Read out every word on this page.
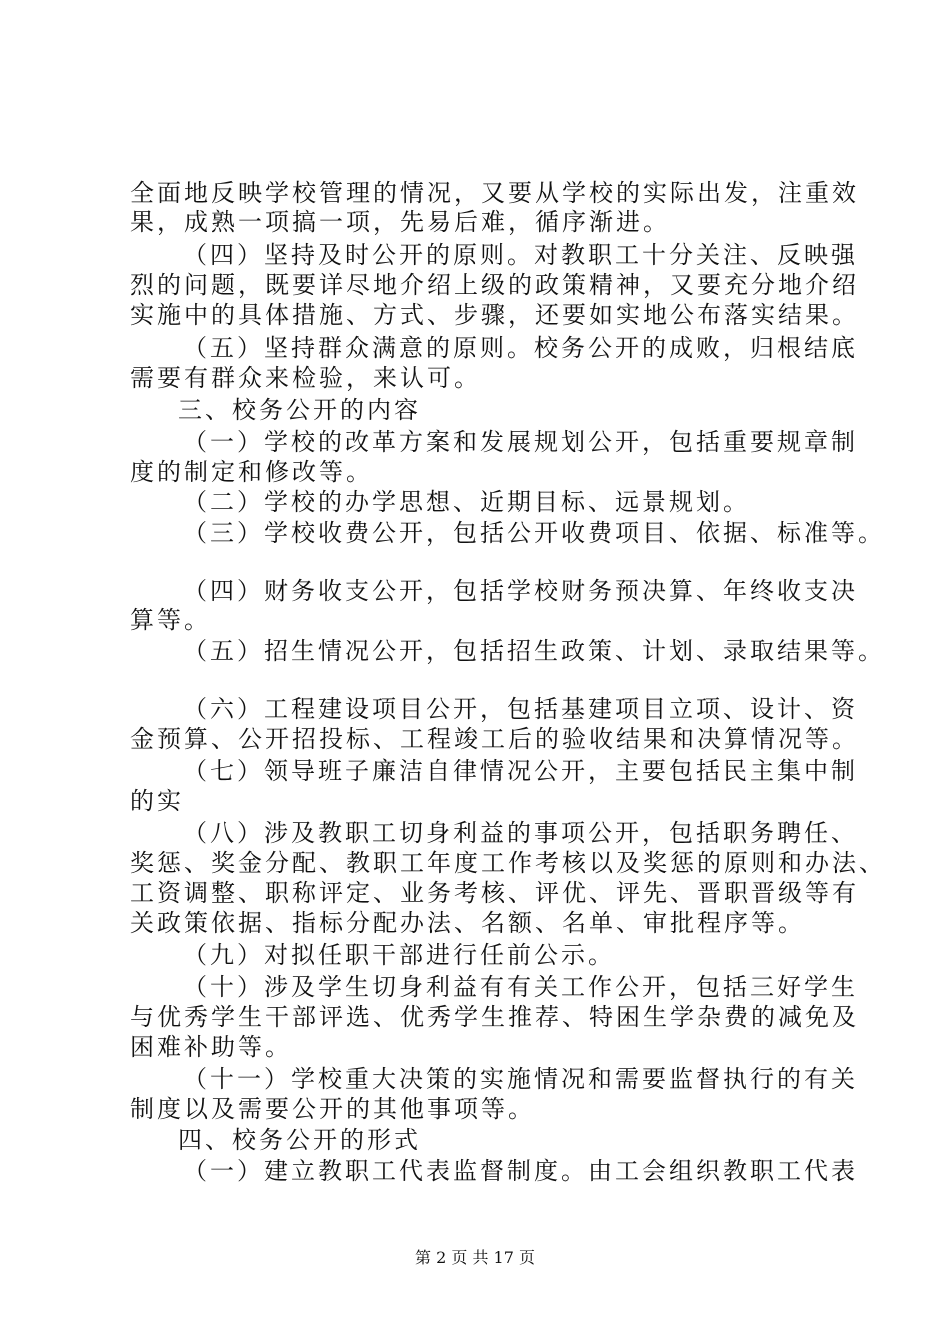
全面地反映学校管理的情况，又要从学校的实际出发，注重效
果，成熟一项搞一项，先易后难，循序渐进。
（四）坚持及时公开的原则。对教职工十分关注、反映强
烈的问题，既要详尽地介绍上级的政策精神，又要充分地介绍
实施中的具体措施、方式、步骤，还要如实地公布落实结果。
（五）坚持群众满意的原则。校务公开的成败，归根结底
需要有群众来检验，来认可。
三、校务公开的内容
（一）学校的改革方案和发展规划公开，包括重要规章制
度的制定和修改等。
（二）学校的办学思想、近期目标、远景规划。
（三）学校收费公开，包括公开收费项目、依据、标准等。
（四）财务收支公开，包括学校财务预决算、年终收支决
算等。
（五）招生情况公开，包括招生政策、计划、录取结果等。
（六）工程建设项目公开，包括基建项目立项、设计、资
金预算、公开招投标、工程竣工后的验收结果和决算情况等。
（七）领导班子廉洁自律情况公开，主要包括民主集中制
的实
（八）涉及教职工切身利益的事项公开，包括职务聘任、
奖惩、奖金分配、教职工年度工作考核以及奖惩的原则和办法、
工资调整、职称评定、业务考核、评优、评先、晋职晋级等有
关政策依据、指标分配办法、名额、名单、审批程序等。
（九）对拟任职干部进行任前公示。
（十）涉及学生切身利益有有关工作公开，包括三好学生
与优秀学生干部评选、优秀学生推荐、特困生学杂费的减免及
困难补助等。
（十一）学校重大决策的实施情况和需要监督执行的有关
制度以及需要公开的其他事项等。
四、校务公开的形式
（一）建立教职工代表监督制度。由工会组织教职工代表
第 2 页 共 17 页
